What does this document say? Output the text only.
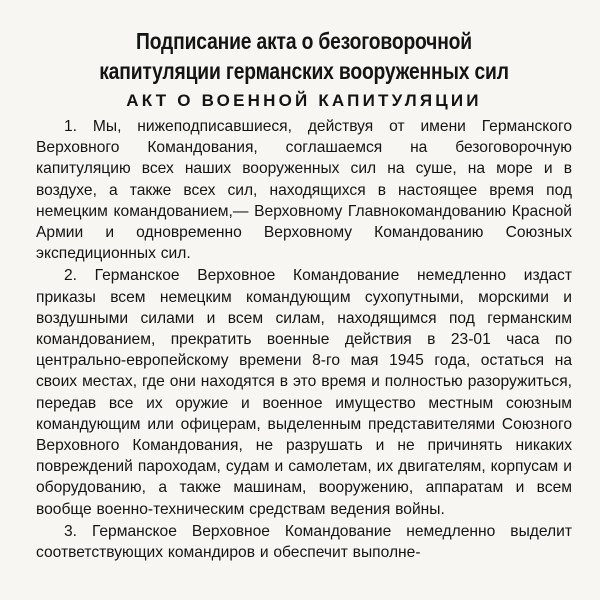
Подписание акта о безоговорочной
капитуляции германских вооруженных сил
АКТ О ВОЕННОЙ КАПИТУЛЯЦИИ

1. Мы, нижеподписавшиеся, действуя от имени Германского Верховного Командования, соглашаемся на безоговорочную капитуляцию всех наших вооруженных сил на суше, на море и в воздухе, а также всех сил, находящихся в настоящее время под немецким командованием,— Верховному Главнокомандованию Красной Армии и одновременно Верховному Командованию Союзных экспедиционных сил.

2. Германское Верховное Командование немедленно издаст приказы всем немецким командующим сухопутными, морскими и воздушными силами и всем силам, находящимся под германским командованием, прекратить военные действия в 23-01 часа по центрально-европейскому времени 8-го мая 1945 года, остаться на своих местах, где они находятся в это время и полностью разоружиться, передав все их оружие и военное имущество местным союзным командующим или офицерам, выделенным представителями Союзного Верховного Командования, не разрушать и не причинять никаких повреждений пароходам, судам и самолетам, их двигателям, корпусам и оборудованию, а также машинам, вооружению, аппаратам и всем вообще военно-техническим средствам ведения войны.

3. Германское Верховное Командование немедленно выделит соответствующих командиров и обеспечит выполне-
